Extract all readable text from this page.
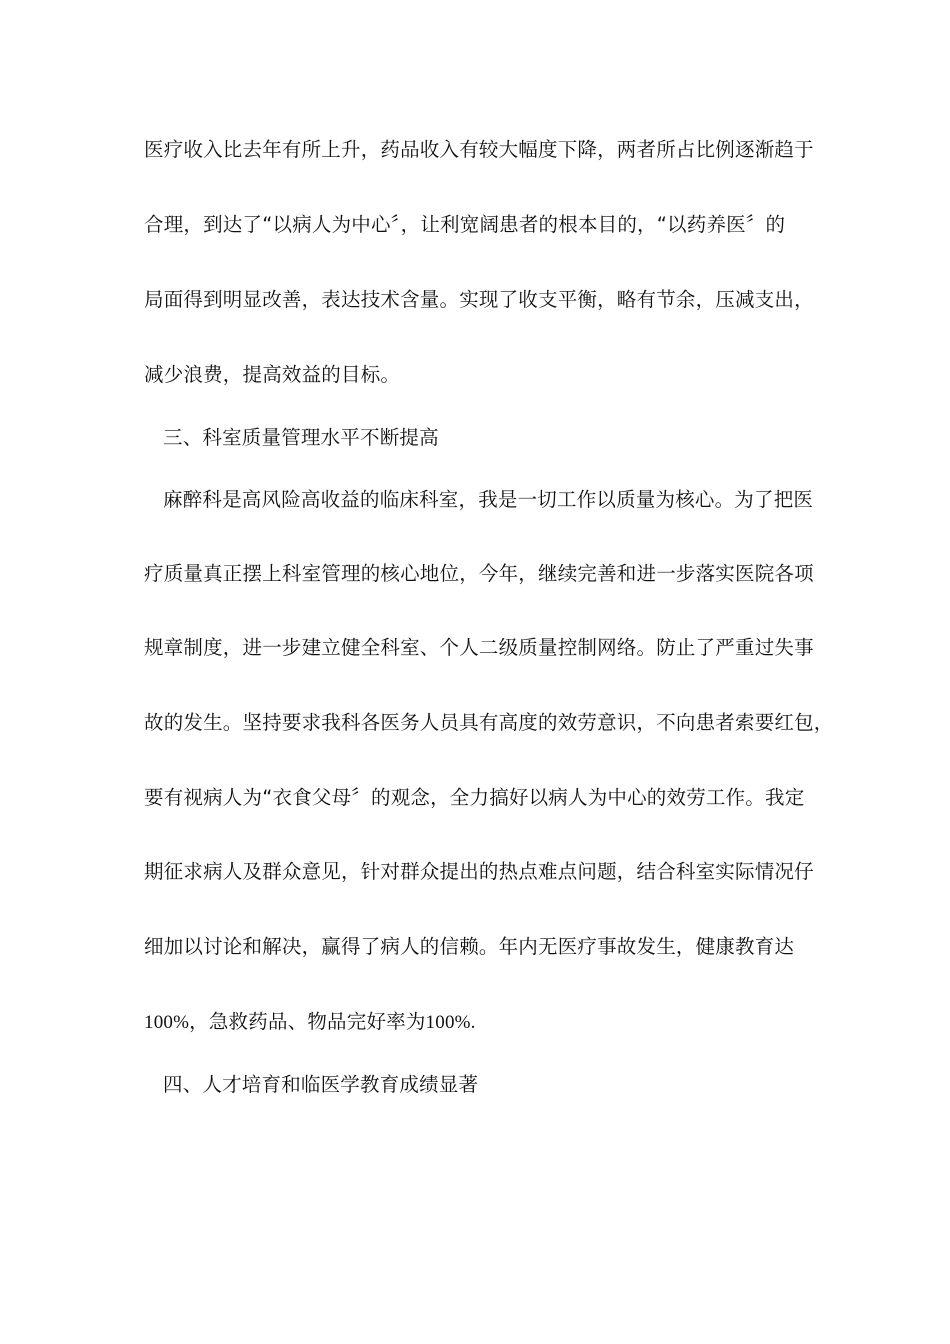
医疗收入比去年有所上升，药品收入有较大幅度下降，两者所占比例逐渐趋于
合理，到达了“以病人为中心〞，让利宽阔患者的根本目的，“以药养医〞的
局面得到明显改善，表达技术含量。实现了收支平衡，略有节余，压减支出，
减少浪费，提高效益的目标。
三、科室质量管理水平不断提高
麻醉科是高风险高收益的临床科室，我是一切工作以质量为核心。为了把医
疗质量真正摆上科室管理的核心地位，今年，继续完善和进一步落实医院各项
规章制度，进一步建立健全科室、个人二级质量控制网络。防止了严重过失事
故的发生。坚持要求我科各医务人员具有高度的效劳意识，不向患者索要红包，
要有视病人为“衣食父母〞的观念，全力搞好以病人为中心的效劳工作。我定
期征求病人及群众意见，针对群众提出的热点难点问题，结合科室实际情况仔
细加以讨论和解决，赢得了病人的信赖。年内无医疗事故发生，健康教育达
100%，急救药品、物品完好率为100%.
四、人才培育和临医学教育成绩显著
